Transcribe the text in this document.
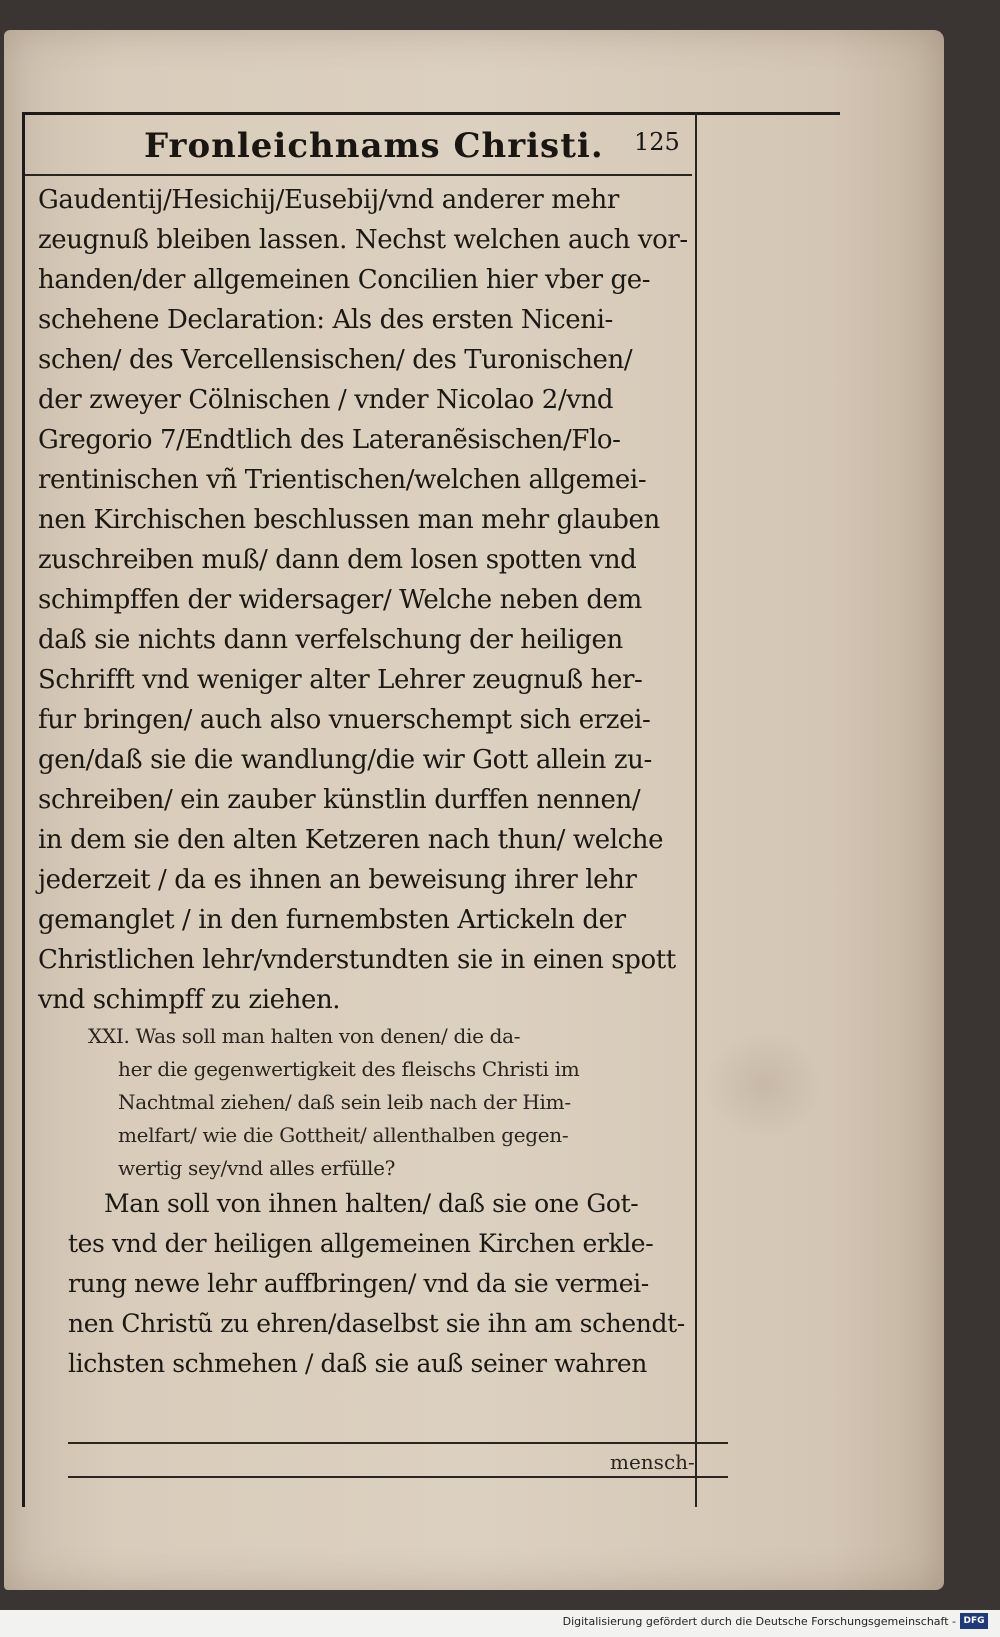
Fronleichnams Christi. 125
Gaudentij/Hesichij/Eusebij/vnd anderer mehr
zeugnuß bleiben lassen. Nechst welchen auch vor-
handen/der allgemeinen Concilien hier vber ge-
schehene Declaration: Als des ersten Niceni-
schen/ des Vercellensischen/ des Turonischen/
der zweyer Cölnischen / vnder Nicolao 2/vnd
Gregorio 7/Endtlich des Lateranẽsischen/Flo-
rentinischen vñ Trientischen/welchen allgemei-
nen Kirchischen beschlussen man mehr glauben
zuschreiben muß/ dann dem losen spotten vnd
schimpffen der widersager/ Welche neben dem
daß sie nichts dann verfelschung der heiligen
Schrifft vnd weniger alter Lehrer zeugnuß her-
fur bringen/ auch also vnuerschempt sich erzei-
gen/daß sie die wandlung/die wir Gott allein zu-
schreiben/ ein zauber künstlin durffen nennen/
in dem sie den alten Ketzeren nach thun/ welche
jederzeit / da es ihnen an beweisung ihrer lehr
gemanglet / in den furnembsten Artickeln der
Christlichen lehr/vnderstundten sie in einen spott
vnd schimpff zu ziehen.
XXI. Was soll man halten von denen/ die da-
her die gegenwertigkeit des fleischs Christi im
Nachtmal ziehen/ daß sein leib nach der Him-
melfart/ wie die Gottheit/ allenthalben gegen-
wertig sey/vnd alles erfülle?
Man soll von ihnen halten/ daß sie one Got-
tes vnd der heiligen allgemeinen Kirchen erkle-
rung newe lehr auffbringen/ vnd da sie vermei-
nen Christũ zu ehren/daselbst sie ihn am schendt-
lichsten schmehen / daß sie auß seiner wahren
mensch-
Digitalisierung gefördert durch die Deutsche Forschungsgemeinschaft - DFG
